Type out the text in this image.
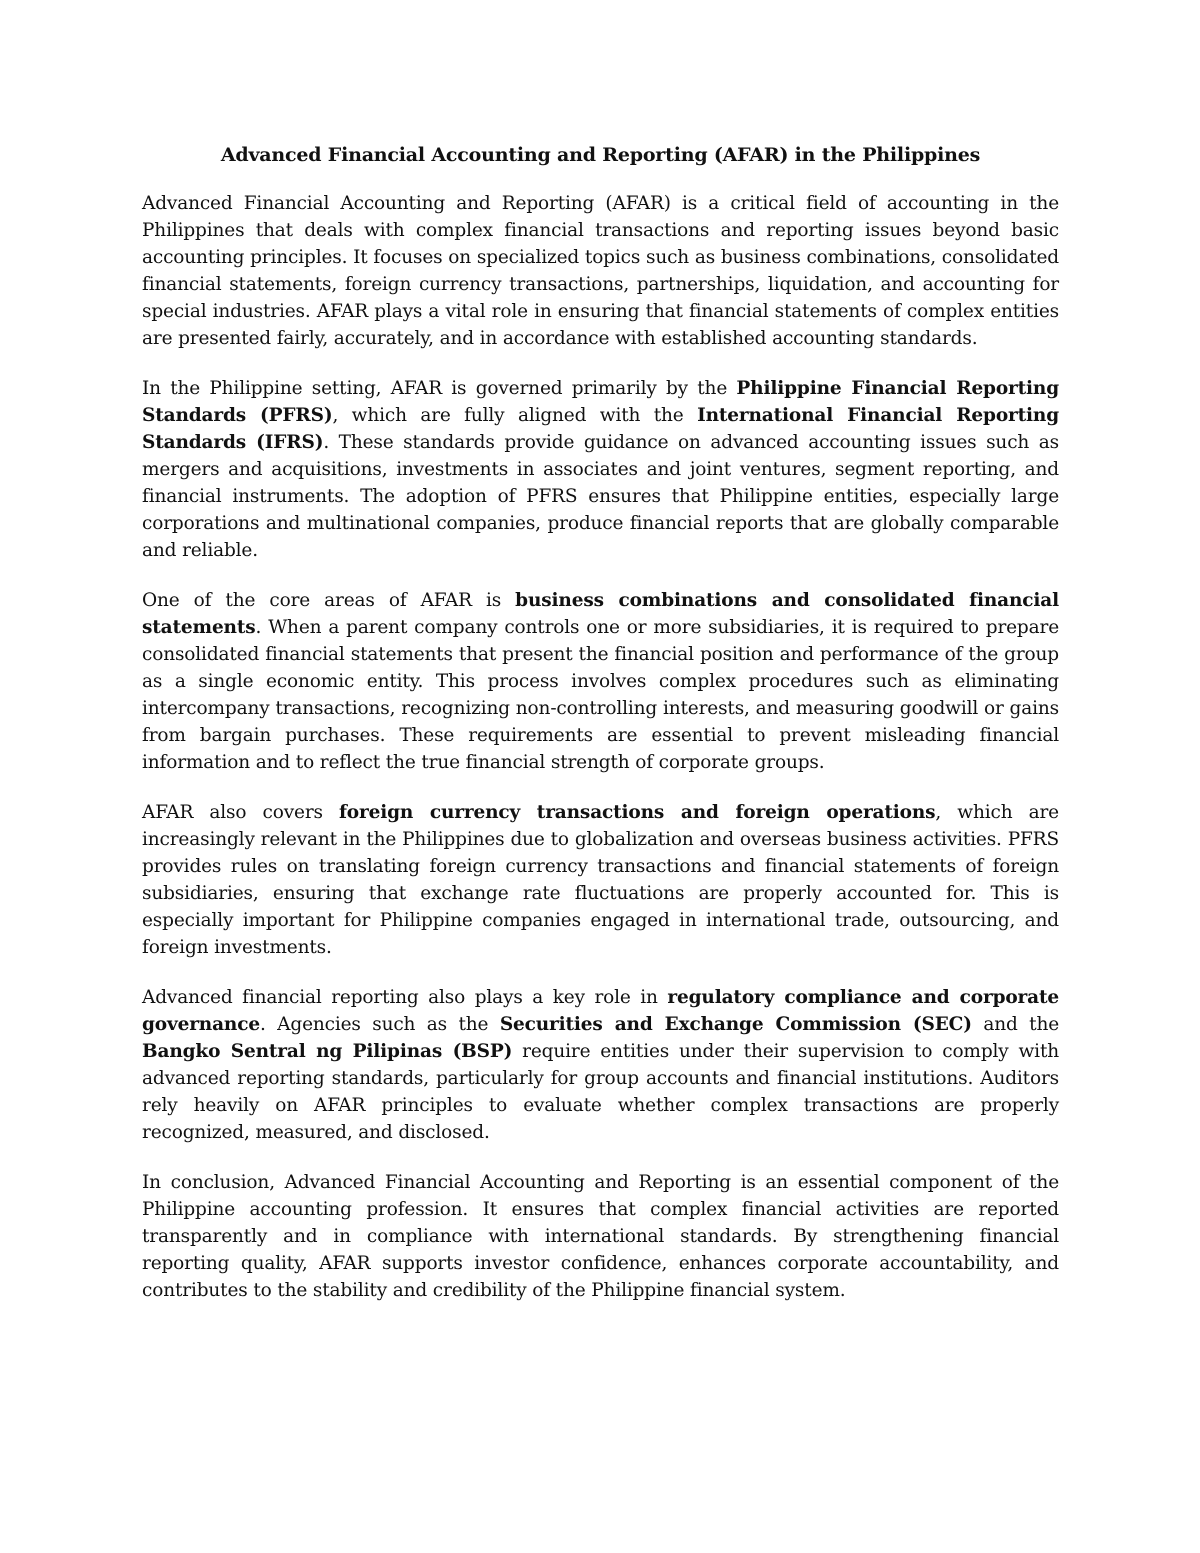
Advanced Financial Accounting and Reporting (AFAR) in the Philippines

Advanced Financial Accounting and Reporting (AFAR) is a critical field of accounting in the Philippines that deals with complex financial transactions and reporting issues beyond basic accounting principles. It focuses on specialized topics such as business combinations, consolidated financial statements, foreign currency transactions, partnerships, liquidation, and accounting for special industries. AFAR plays a vital role in ensuring that financial statements of complex entities are presented fairly, accurately, and in accordance with established accounting standards.

In the Philippine setting, AFAR is governed primarily by the Philippine Financial Reporting Standards (PFRS), which are fully aligned with the International Financial Reporting Standards (IFRS). These standards provide guidance on advanced accounting issues such as mergers and acquisitions, investments in associates and joint ventures, segment reporting, and financial instruments. The adoption of PFRS ensures that Philippine entities, especially large corporations and multinational companies, produce financial reports that are globally comparable and reliable.

One of the core areas of AFAR is business combinations and consolidated financial statements. When a parent company controls one or more subsidiaries, it is required to prepare consolidated financial statements that present the financial position and performance of the group as a single economic entity. This process involves complex procedures such as eliminating intercompany transactions, recognizing non-controlling interests, and measuring goodwill or gains from bargain purchases. These requirements are essential to prevent misleading financial information and to reflect the true financial strength of corporate groups.

AFAR also covers foreign currency transactions and foreign operations, which are increasingly relevant in the Philippines due to globalization and overseas business activities. PFRS provides rules on translating foreign currency transactions and financial statements of foreign subsidiaries, ensuring that exchange rate fluctuations are properly accounted for. This is especially important for Philippine companies engaged in international trade, outsourcing, and foreign investments.

Advanced financial reporting also plays a key role in regulatory compliance and corporate governance. Agencies such as the Securities and Exchange Commission (SEC) and the Bangko Sentral ng Pilipinas (BSP) require entities under their supervision to comply with advanced reporting standards, particularly for group accounts and financial institutions. Auditors rely heavily on AFAR principles to evaluate whether complex transactions are properly recognized, measured, and disclosed.

In conclusion, Advanced Financial Accounting and Reporting is an essential component of the Philippine accounting profession. It ensures that complex financial activities are reported transparently and in compliance with international standards. By strengthening financial reporting quality, AFAR supports investor confidence, enhances corporate accountability, and contributes to the stability and credibility of the Philippine financial system.
